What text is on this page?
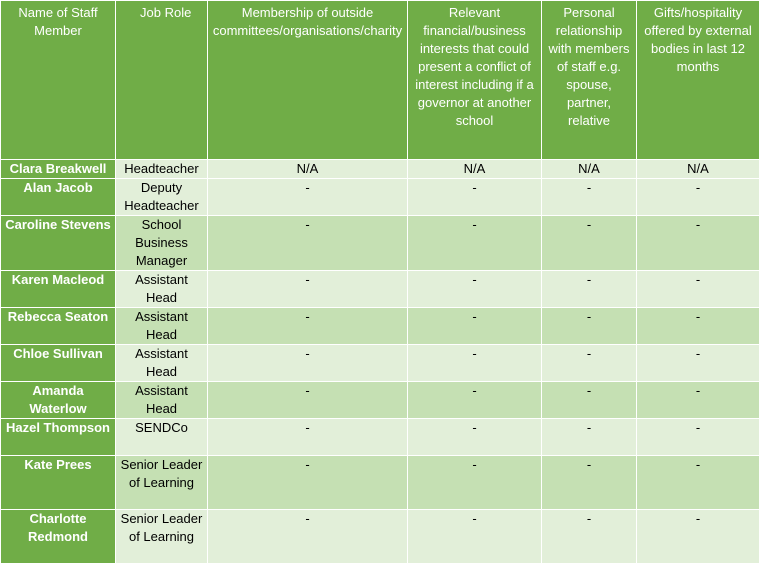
Name of Staff Member	Job Role	Membership of outside committees/organisations/charity	Relevant financial/business interests that could present a conflict of interest including if a governor at another school	Personal relationship with members of staff e.g. spouse, partner, relative	Gifts/hospitality offered by external bodies in last 12 months
Clara Breakwell	Headteacher	N/A	N/A	N/A	N/A
Alan Jacob	Deputy Headteacher	-	-	-	-
Caroline Stevens	School Business Manager	-	-	-	-
Karen Macleod	Assistant Head	-	-	-	-
Rebecca Seaton	Assistant Head	-	-	-	-
Chloe Sullivan	Assistant Head	-	-	-	-
Amanda Waterlow	Assistant Head	-	-	-	-
Hazel Thompson	SENDCo	-	-	-	-
Kate Prees	Senior Leader of Learning	-	-	-	-
Charlotte Redmond	Senior Leader of Learning	-	-	-	-
